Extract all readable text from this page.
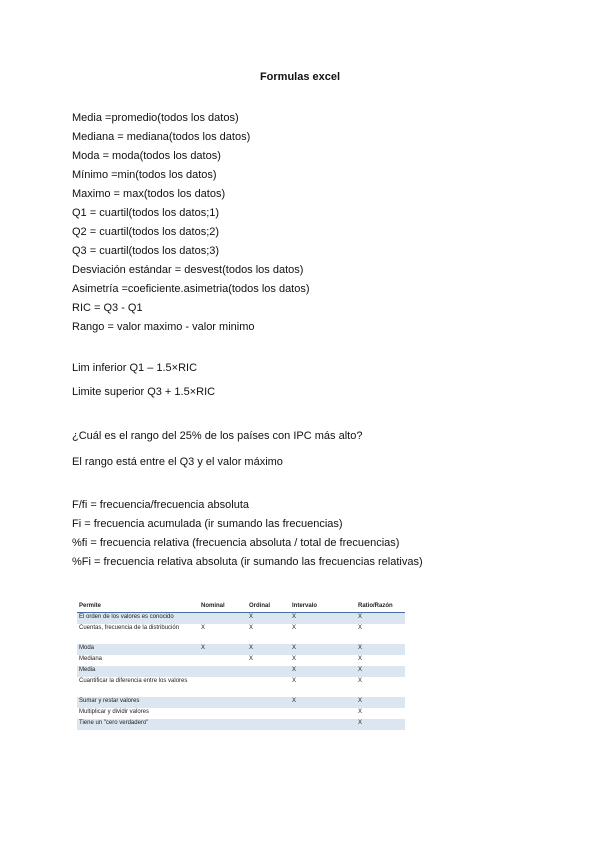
Formulas excel
Media =promedio(todos los datos)
Mediana = mediana(todos los datos)
Moda = moda(todos los datos)
Mínimo =min(todos los datos)
Maximo = max(todos los datos)
Q1 = cuartil(todos los datos;1)
Q2 = cuartil(todos los datos;2)
Q3 = cuartil(todos los datos;3)
Desviación estándar = desvest(todos los datos)
Asimetría =coeficiente.asimetria(todos los datos)
RIC = Q3 - Q1
Rango = valor maximo - valor minimo
Lim inferior Q1 – 1.5×RIC
Limite superior Q3 + 1.5×RIC
¿Cuál es el rango del 25% de los países con IPC más alto?
El rango está entre el Q3 y el valor máximo
F/fi = frecuencia/frecuencia absoluta
Fi = frecuencia acumulada (ir sumando las frecuencias)
%fi = frecuencia relativa (frecuencia absoluta / total de frecuencias)
%Fi = frecuencia relativa absoluta (ir sumando las frecuencias relativas)
Permite	Nominal	Ordinal	Intervalo	Ratio/Razón
El orden de los valores es conocido		X	X	X
Cuentas, frecuencia de la distribución	X	X	X	X
Moda	X	X	X	X
Mediana		X	X	X
Media			X	X
Cuantificar la diferencia entre los valores			X	X
Sumar y restar valores			X	X
Multiplicar y dividir valores				X
Tiene un "cero verdadero"				X
